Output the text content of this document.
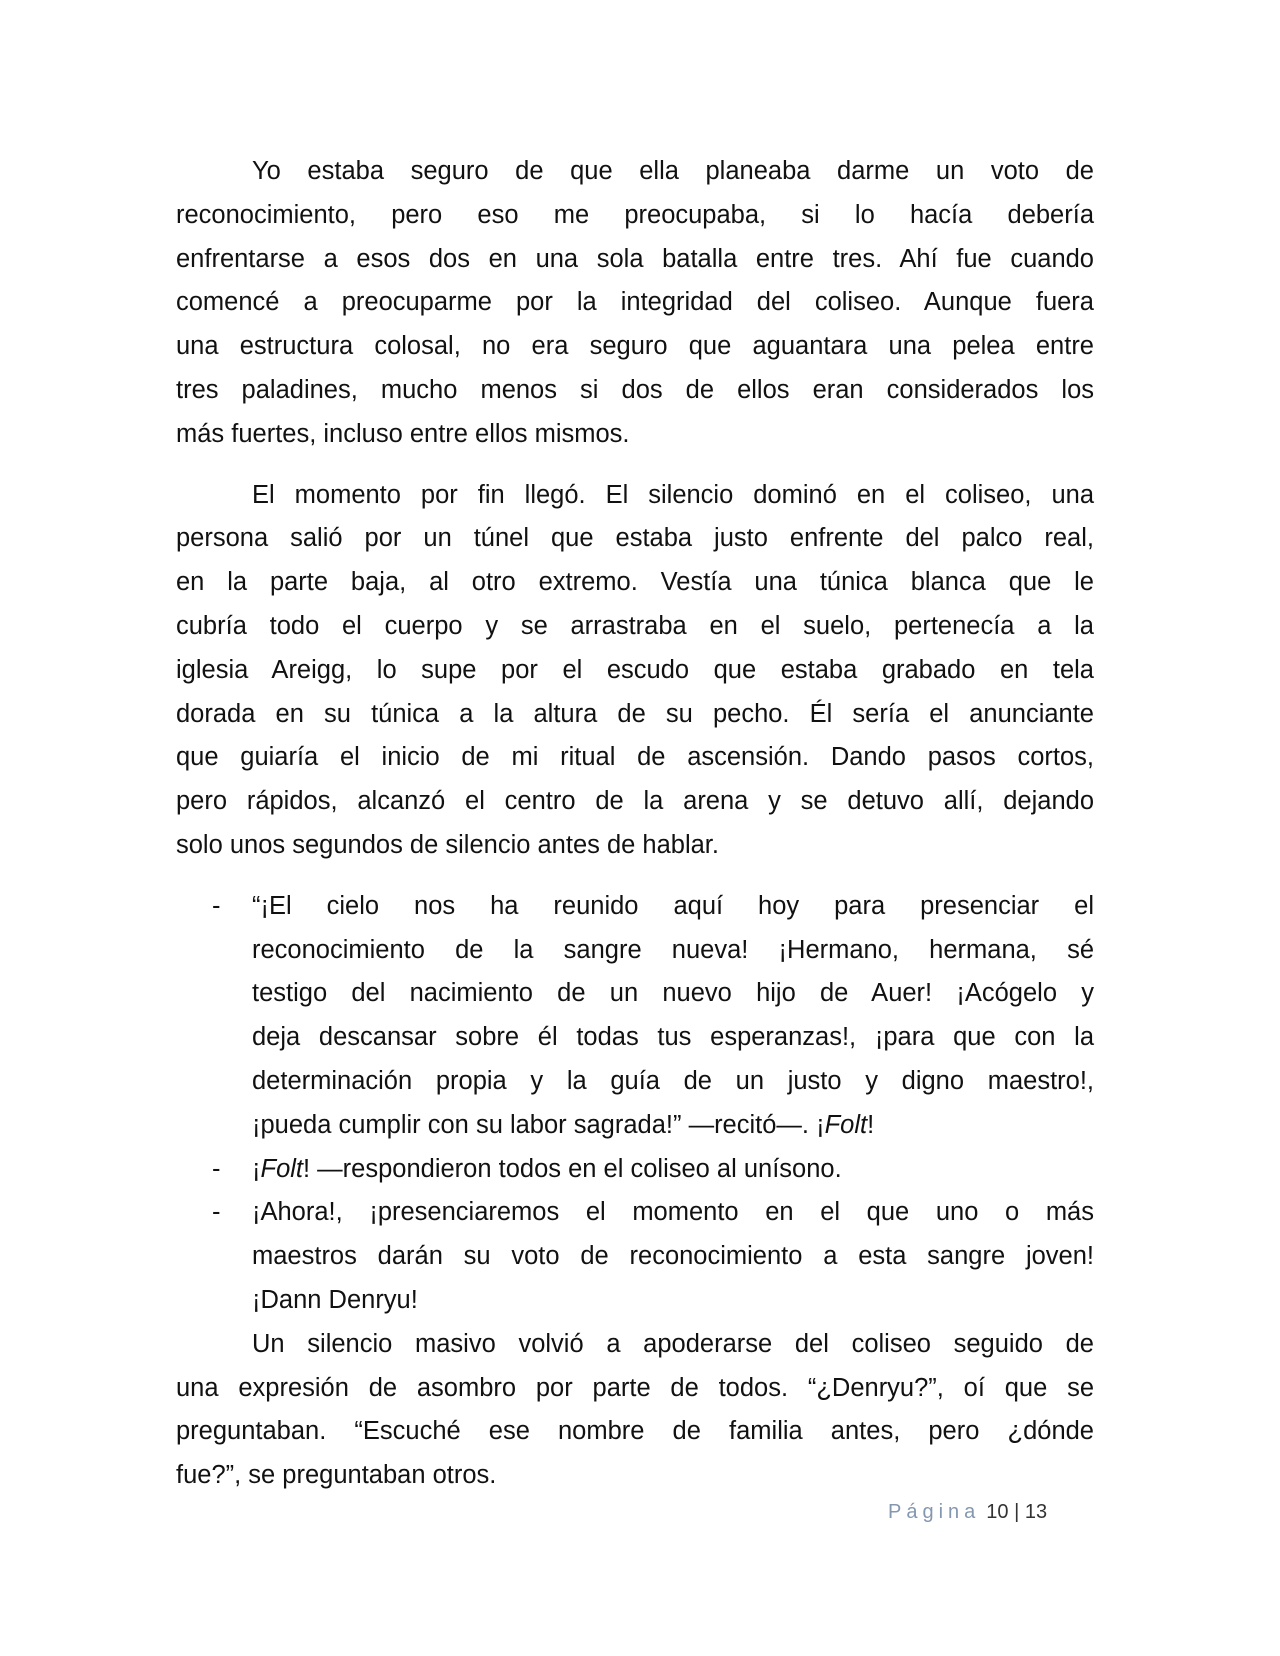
Yo estaba seguro de que ella planeaba darme un voto de
reconocimiento, pero eso me preocupaba, si lo hacía debería
enfrentarse a esos dos en una sola batalla entre tres. Ahí fue cuando
comencé a preocuparme por la integridad del coliseo. Aunque fuera
una estructura colosal, no era seguro que aguantara una pelea entre
tres paladines, mucho menos si dos de ellos eran considerados los
más fuertes, incluso entre ellos mismos.
El momento por fin llegó. El silencio dominó en el coliseo, una
persona salió por un túnel que estaba justo enfrente del palco real,
en la parte baja, al otro extremo. Vestía una túnica blanca que le
cubría todo el cuerpo y se arrastraba en el suelo, pertenecía a la
iglesia Areigg, lo supe por el escudo que estaba grabado en tela
dorada en su túnica a la altura de su pecho. Él sería el anunciante
que guiaría el inicio de mi ritual de ascensión. Dando pasos cortos,
pero rápidos, alcanzó el centro de la arena y se detuvo allí, dejando
solo unos segundos de silencio antes de hablar.
- “¡El cielo nos ha reunido aquí hoy para presenciar el
reconocimiento de la sangre nueva! ¡Hermano, hermana, sé
testigo del nacimiento de un nuevo hijo de Auer! ¡Acógelo y
deja descansar sobre él todas tus esperanzas!, ¡para que con la
determinación propia y la guía de un justo y digno maestro!,
¡pueda cumplir con su labor sagrada!” —recitó—. ¡Folt!
- ¡Folt! —respondieron todos en el coliseo al unísono.
- ¡Ahora!, ¡presenciaremos el momento en el que uno o más
maestros darán su voto de reconocimiento a esta sangre joven!
¡Dann Denryu!
Un silencio masivo volvió a apoderarse del coliseo seguido de
una expresión de asombro por parte de todos. “¿Denryu?”, oí que se
preguntaban. “Escuché ese nombre de familia antes, pero ¿dónde
fue?”, se preguntaban otros.
Página 10 | 13
